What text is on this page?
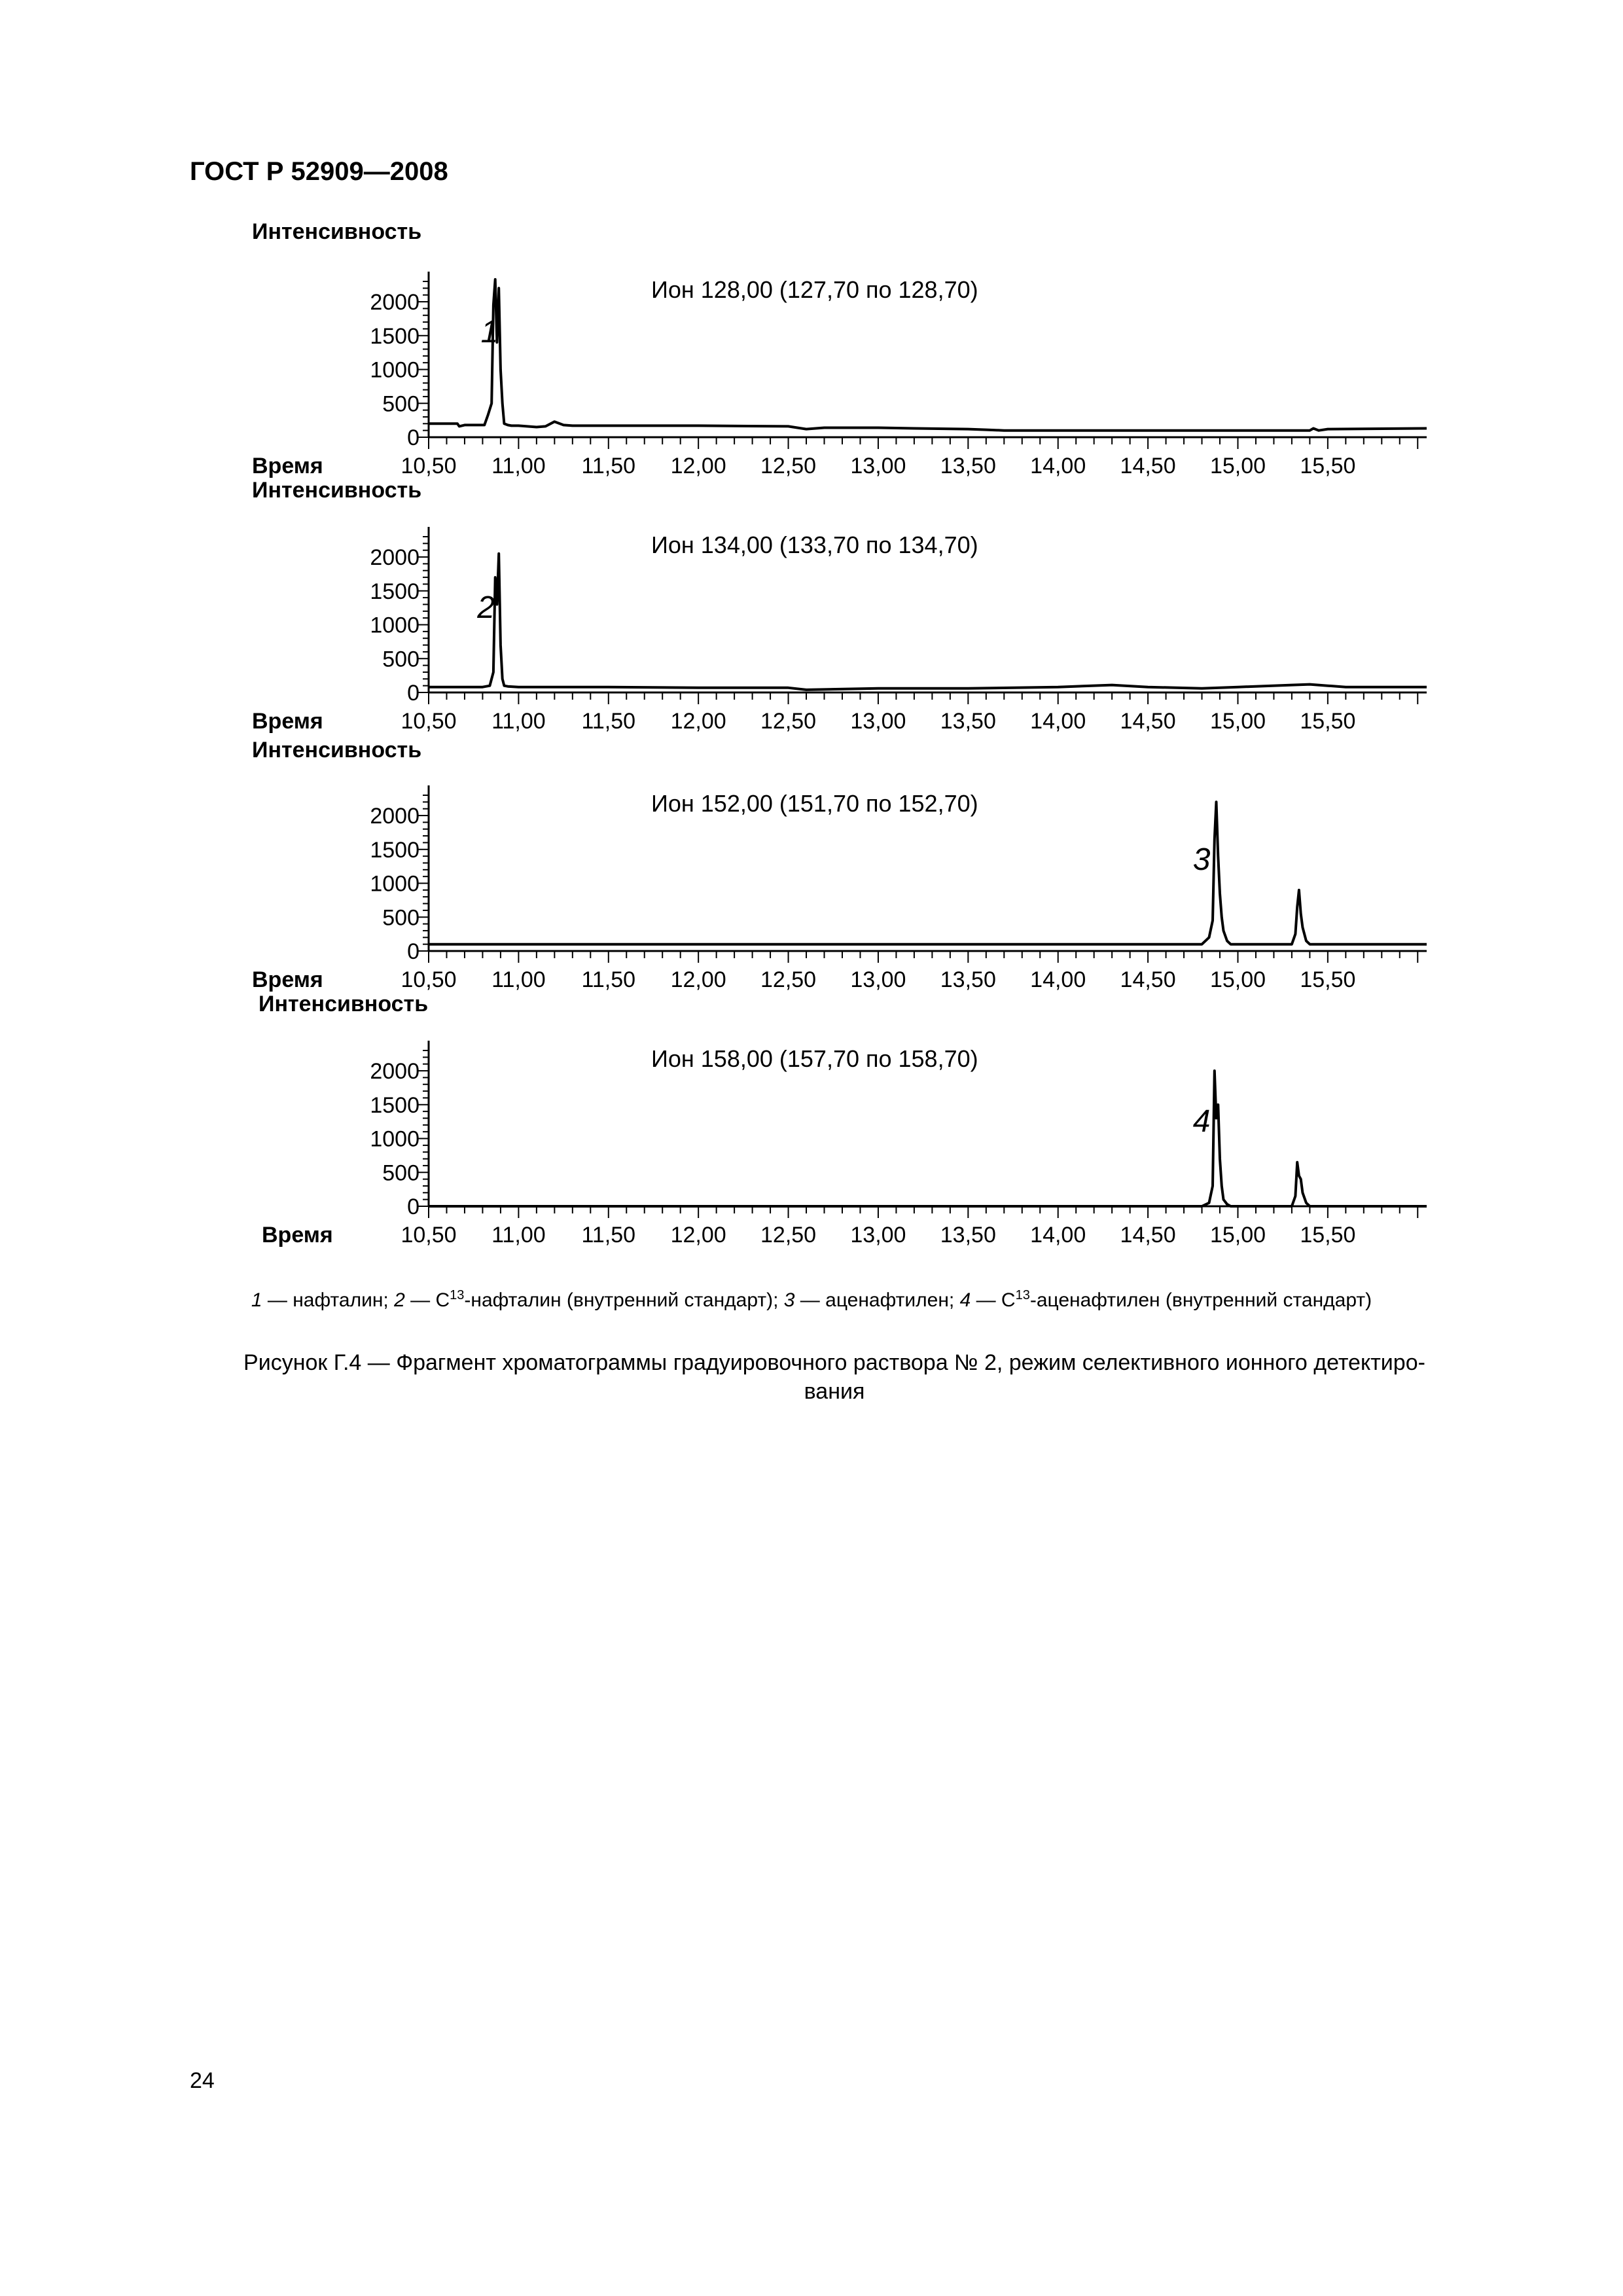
ГОСТ Р 52909—2008
0
500
1000
1500
2000
10,50 11,00 11,50 12,00 12,50 13,00 13,50 14,00 14,50 15,00 15,50
Интенсивность
Время
Ион 128,00 (127,70 по 128,70)
1
0
500
1000
1500
2000
10,50 11,00 11,50 12,00 12,50 13,00 13,50 14,00 14,50 15,00 15,50
Интенсивность
Время
Ион 134,00 (133,70 по 134,70)
2
0
500
1000
1500
2000
10,50 11,00 11,50 12,00 12,50 13,00 13,50 14,00 14,50 15,00 15,50
Интенсивность
Время
Ион 152,00 (151,70 по 152,70)
3
0
500
1000
1500
2000
10,50 11,00 11,50 12,00 12,50 13,00 13,50 14,00 14,50 15,00 15,50
Интенсивность
Время
Ион 158,00 (157,70 по 158,70)
4
1 — нафталин; 2 — $С^{13}$-нафталин (внутренний стандарт); 3 — аценафтилен; 4 — $С^{13}$-аценафтилен (внутренний стандарт)
Рисунок Г.4 — Фрагмент хроматограммы градуировочного раствора № 2, режим селективного ионного детектиро-
вания
24
